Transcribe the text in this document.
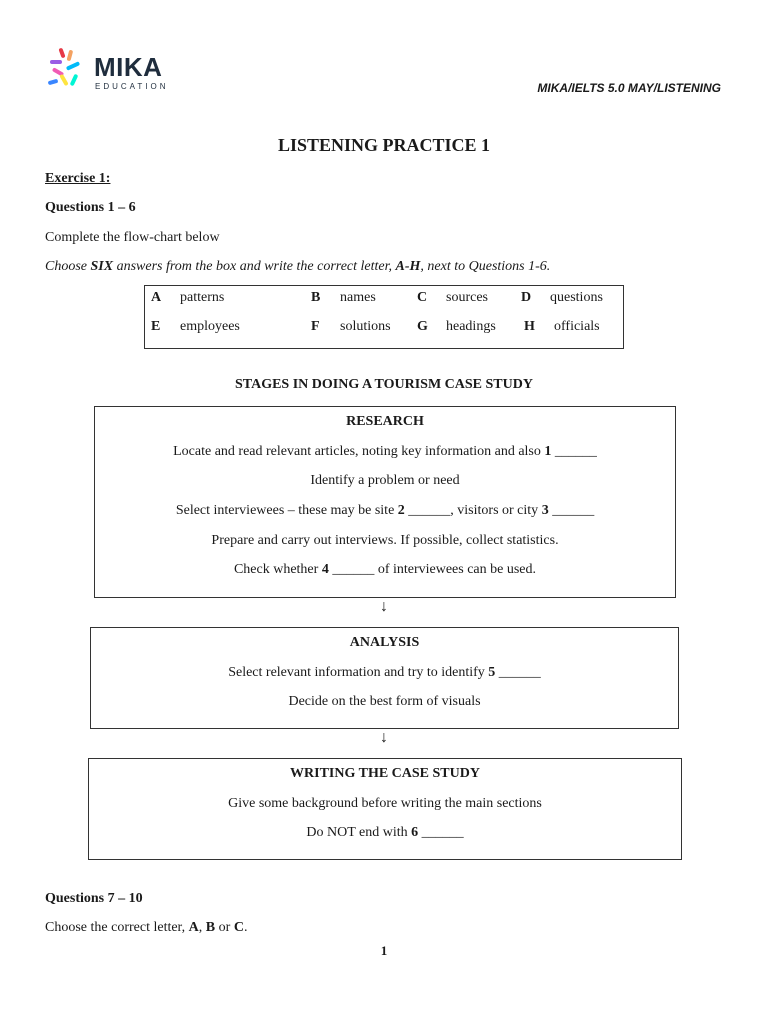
MIKA
EDUCATION	MIKA/IELTS 5.0 MAY/LISTENING
LISTENING PRACTICE 1
Exercise 1:
Questions 1 – 6
Complete the flow-chart below
Choose SIX answers from the box and write the correct letter, A-H, next to Questions 1-6.
A patterns	B names	C sources D questions
E employees	F solutions G headings H officials
STAGES IN DOING A TOURISM CASE STUDY
RESEARCH
Locate and read relevant articles, noting key information and also 1 ______
Identify a problem or need
Select interviewees – these may be site 2 ______, visitors or city 3 ______
Prepare and carry out interviews. If possible, collect statistics.
Check whether 4 ______ of interviewees can be used.
↓
ANALYSIS
Select relevant information and try to identify 5 ______
Decide on the best form of visuals
↓
WRITING THE CASE STUDY
Give some background before writing the main sections
Do NOT end with 6 ______
Questions 7 – 10
Choose the correct letter, A, B or C.
1
